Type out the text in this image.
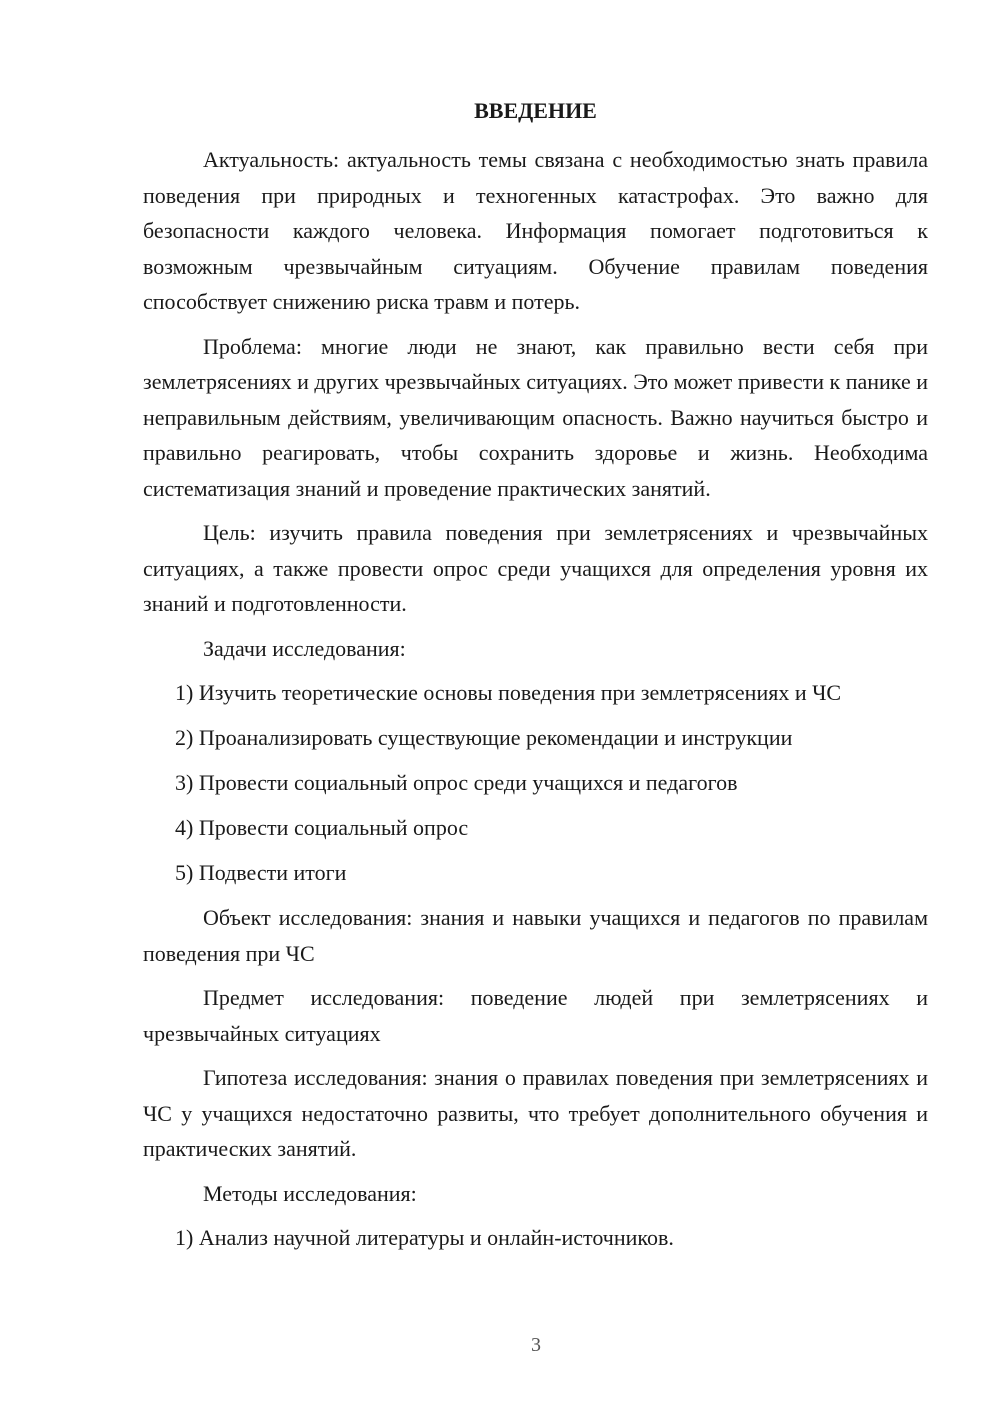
ВВЕДЕНИЕ

Актуальность: актуальность темы связана с необходимостью знать правила поведения при природных и техногенных катастрофах. Это важно для безопасности каждого человека. Информация помогает подготовиться к возможным чрезвычайным ситуациям. Обучение правилам поведения способствует снижению риска травм и потерь.

Проблема: многие люди не знают, как правильно вести себя при землетрясениях и других чрезвычайных ситуациях. Это может привести к панике и неправильным действиям, увеличивающим опасность. Важно научиться быстро и правильно реагировать, чтобы сохранить здоровье и жизнь. Необходима систематизация знаний и проведение практических занятий.

Цель: изучить правила поведения при землетрясениях и чрезвычайных ситуациях, а также провести опрос среди учащихся для определения уровня их знаний и подготовленности.

Задачи исследования:
1) Изучить теоретические основы поведения при землетрясениях и ЧС
2) Проанализировать существующие рекомендации и инструкции
3) Провести социальный опрос среди учащихся и педагогов
4) Провести социальный опрос
5) Подвести итоги

Объект исследования: знания и навыки учащихся и педагогов по правилам поведения при ЧС

Предмет исследования: поведение людей при землетрясениях и чрезвычайных ситуациях

Гипотеза исследования: знания о правилах поведения при землетрясениях и ЧС у учащихся недостаточно развиты, что требует дополнительного обучения и практических занятий.

Методы исследования:
1) Анализ научной литературы и онлайн-источников.
3
